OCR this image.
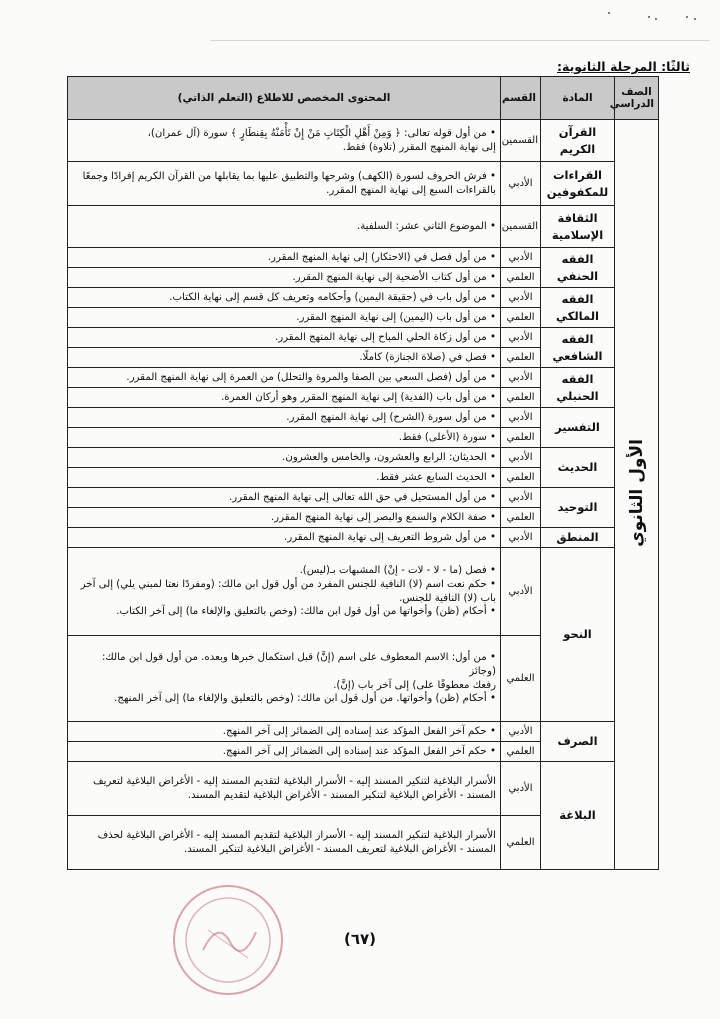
ثالثًا: المرحلة الثانوية:
الصف الدراسي	المادة	القسم	المحتوى المخصص للاطلاع (التعلم الذاتي)
الأول الثانوي	القرآن الكريم	القسمين	• من أول قوله تعالى: ﴿ وَمِنْ أَهْلِ الْكِتَابِ مَنْ إِنْ تَأْمَنْهُ بِقِنطَارٍ ﴾ سورة (آل عمران)،
إلى نهاية المنهج المقرر (تلاوة) فقط.

	القراءات للمكفوفين	الأدبي	• فرش الحروف لسورة (الكهف) وشرحها والتطبيق عليها بما يقابلها من القرآن الكريم إفرادًا وجمعًا
بالقراءات السبع إلى نهاية المنهج المقرر.

	الثقافة الإسلامية	القسمين	• الموضوع الثاني عشر: السلفية.

	الفقه الحنفي	الأدبي	• من أول فصل في (الاحتكار) إلى نهاية المنهج المقرر.

		العلمي	• من أول كتاب الأضحية إلى نهاية المنهج المقرر.

	الفقه المالكي	الأدبي	• من أول باب في (حقيقة اليمين) وأحكامه وتعريف كل قسم إلى نهاية الكتاب.

		العلمي	• من أول باب (اليمين) إلى نهاية المنهج المقرر.

	الفقه الشافعي	الأدبي	• من أول زكاة الحلي المباح إلى نهاية المنهج المقرر.

		العلمي	• فصل في (صلاة الجنازة) كاملًا.

	الفقه الحنبلي	الأدبي	• من أول (فصل السعي بين الصفا والمروة والتحلل) من العمرة إلى نهاية المنهج المقرر.

		العلمي	• من أول باب (الفدية) إلى نهاية المنهج المقرر وهو أركان العمرة.

	التفسير	الأدبي	• من أول سورة (الشرح) إلى نهاية المنهج المقرر.

		العلمي	• سورة (الأعلى) فقط.

	الحديث	الأدبي	• الحديثان: الرابع والعشرون، والخامس والعشرون.

		العلمي	• الحديث السابع عشر فقط.

	التوحيد	الأدبي	• من أول المستحيل في حق الله تعالى إلى نهاية المنهج المقرر.

		العلمي	• صفة الكلام والسمع والبصر إلى نهاية المنهج المقرر.

	المنطق	الأدبي	• من أول شروط التعريف إلى نهاية المنهج المقرر.

	النحو	الأدبي	• فصل (ما - لا - لات - إنْ) المشبهات بـ(ليس).
• حكم نعت اسم (لا) النافية للجنس المفرد من أول قول ابن مالك: (ومفردًا نعتا لمبني يلي) إلى آخر
باب (لا) النافية للجنس.
• أحكام (ظن) وأخواتها من أول قول ابن مالك: (وخص بالتعليق والإلغاء ما) إلى آخر الكتاب.

		العلمي	• من أول: الاسم المعطوف على اسم (إنَّ) قبل استكمال خبرها وبعده. من أول قول ابن مالك: (وجائز
رفعك معطوفًا على) إلى آخر باب (إنَّ).
• أحكام (ظن) وأخواتها. من أول قول ابن مالك: (وخص بالتعليق والإلغاء ما) إلى آخر المنهج.

	الصرف	الأدبي	• حكم آخر الفعل المؤكد عند إسناده إلى الضمائر إلى آخر المنهج.

		العلمي	• حكم آخر الفعل المؤكد عند إسناده إلى الضمائر إلى آخر المنهج.

	البلاغة	الأدبي	الأسرار البلاغية لتنكير المسند إليه - الأسرار البلاغية لتقديم المسند إليه - الأغراض البلاغية لتعريف
المسند - الأغراض البلاغية لتنكير المسند - الأغراض البلاغية لتقديم المسند.

		العلمي	الأسرار البلاغية لتنكير المسند إليه - الأسرار البلاغية لتقديم المسند إليه - الأغراض البلاغية لحذف
المسند - الأغراض البلاغية لتعريف المسند - الأغراض البلاغية لتنكير المسند.
(٦٧)
